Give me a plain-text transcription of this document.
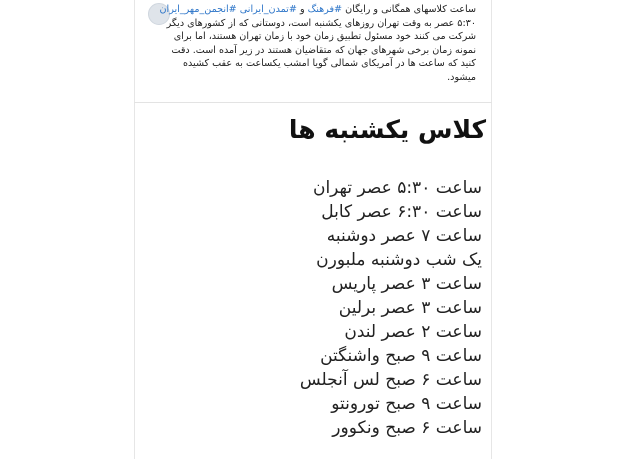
ساعت کلاسهای همگانی و رایگان #فرهنگ و #تمدن_ایرانی #انجمن_مهر_ایران
۵:۳۰ عصر به وقت تهران روزهای یکشنبه است، دوستانی که از کشورهای دیگر
شرکت می کنند خود مسئول تطبیق زمان خود با زمان تهران هستند، اما برای
نمونه زمان برخی شهرهای جهان که متقاضیان هستند در زیر آمده است. دقت
کنید که ساعت ها در آمریکای شمالی گویا امشب یکساعت به عقب کشیده
میشود.

کلاس یکشنبه ها
ساعت ۵:۳۰ عصر تهران
ساعت ۶:۳۰ عصر کابل
ساعت ۷ عصر دوشنبه
یک شب دوشنبه ملبورن
ساعت ۳ عصر پاریس
ساعت ۳ عصر برلین
ساعت ۲ عصر لندن
ساعت ۹ صبح واشنگتن
ساعت ۶ صبح لس آنجلس
ساعت ۹ صبح تورونتو
ساعت ۶ صبح ونکوور
